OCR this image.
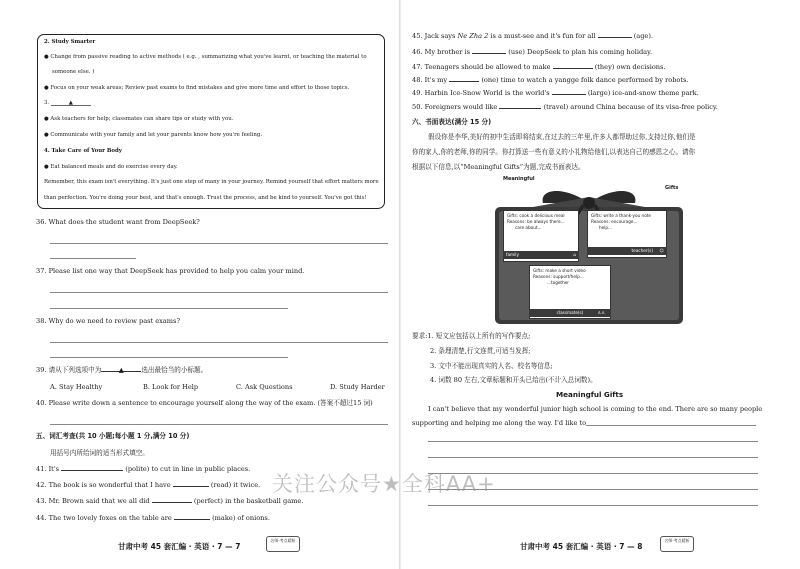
2. Study Smarter
● Change from passive reading to active methods ( e.g. , summarizing what you've learnt, or teaching the material to
someone else. )
● Focus on your weak areas; Review past exams to find mistakes and give more time and effort to those topics.
3.	▲
● Ask teachers for help; classmates can share tips or study with you.
● Communicate with your family and let your parents know how you're feeling.
4. Take Care of Your Body
● Eat balanced meals and do exercise every day.
Remember, this exam isn't everything. It's just one step of many in your journey. Remind yourself that effort matters more
than perfection. You're doing your best, and that's enough. Trust the process, and be kind to yourself. You've got this!
36. What does the student want from DeepSeek?
37. Please list one way that DeepSeek has provided to help you calm your mind.
38. Why do we need to review past exams?
39. 请从下列选项中为	▲	选出最恰当的小标题。
A. Stay Healthy	B. Look for Help	C. Ask Questions	D. Study Harder
40. Please write down a sentence to encourage yourself along the way of the exam. (答案不超过15 词)
五、词汇考查(共 10 小题;每小题 1 分,满分 10 分)
用括号内所给词的适当形式填空。
41. It's	(polite) to cut in line in public places.
42. The book is so wonderful that I have	(read) it twice.
43. Mr. Brown said that we all did	(perfect) in the basketball game.
44. The two lovely foxes on the table are	(make) of onions.
甘肃中考 45 套汇编 · 英语 · 7 — 7
名师·考点精析
45. Jack says Ne Zha 2 is a must-see and it's fun for all	(age).
46. My brother is	(use) DeepSeek to plan his coming holiday.
47. Teenagers should be allowed to make	(they) own decisions.
48. It's my	(one) time to watch a yangge folk dance performed by robots.
49. Harbin Ice-Snow World is the world's	(large) ice-and-snow theme park.
50. Foreigners would like	(travel) around China because of its visa-free policy.
六、书面表达(满分 15 分)
假设你是李华,美好的初中生活即将结束,在过去的三年里,许多人都帮助过你,支持过你,他们是
你的家人,你的老师,你的同学。你打算送一些有意义的小礼物给他们,以表达自己的感恩之心。请你
根据以下信息,以“Meaningful Gifts”为题,完成书面表达。
Meaningful
Gifts
Gifts: cook a delicious meal
Reasons: be always there...
care about...
family	⌂
Gifts: write a thank-you note
Reasons: encourage...
help...
teacher(s) ☺
Gifts: make a short video
Reasons: support/help...
...together
classmate(s)	♙♙
要求:1. 短文应包括以上所有的写作要点;
2. 条理清楚,行文连贯,可适当发挥;
3. 文中不能出现真实的人名、校名等信息;
4. 词数 80 左右,文章标题和开头已给出(不计入总词数)。
Meaningful Gifts
I can't believe that my wonderful junior high school is coming to the end. There are so many people
supporting and helping me along the way. I'd like to
甘肃中考 45 套汇编 · 英语 · 7 — 8
名师·考点精析
关注公众号★全科AA+
